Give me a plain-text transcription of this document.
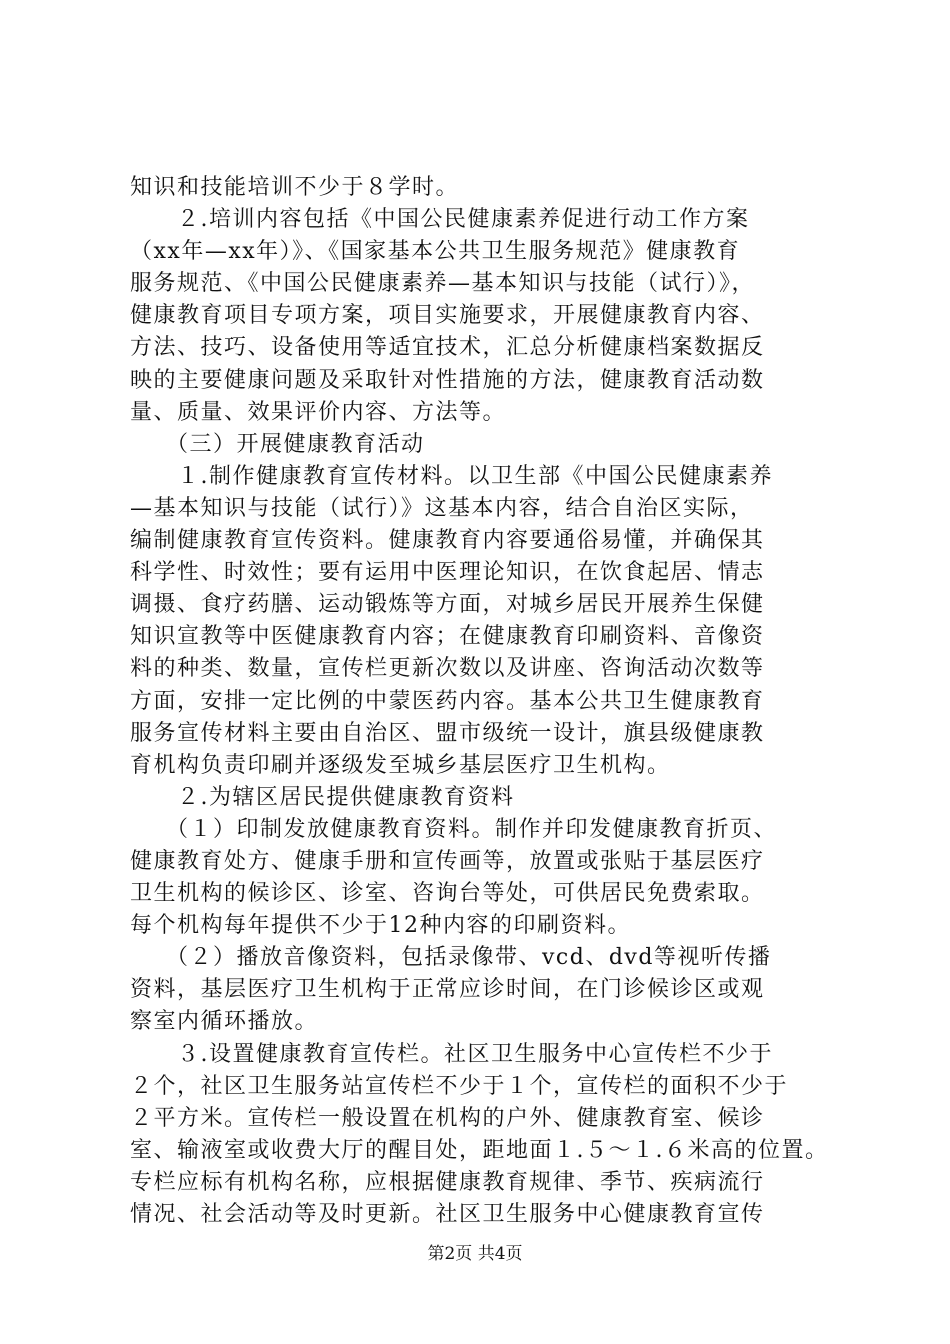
知识和技能培训不少于８学时。
　　２.培训内容包括《中国公民健康素养促进行动工作方案
（xx年—xx年）》、《国家基本公共卫生服务规范》健康教育
服务规范、《中国公民健康素养—基本知识与技能（试行）》，
健康教育项目专项方案，项目实施要求，开展健康教育内容、
方法、技巧、设备使用等适宜技术，汇总分析健康档案数据反
映的主要健康问题及采取针对性措施的方法，健康教育活动数
量、质量、效果评价内容、方法等。
　　（三）开展健康教育活动
　　１.制作健康教育宣传材料。以卫生部《中国公民健康素养
—基本知识与技能（试行）》这基本内容，结合自治区实际，
编制健康教育宣传资料。健康教育内容要通俗易懂，并确保其
科学性、时效性；要有运用中医理论知识，在饮食起居、情志
调摄、食疗药膳、运动锻炼等方面，对城乡居民开展养生保健
知识宣教等中医健康教育内容；在健康教育印刷资料、音像资
料的种类、数量，宣传栏更新次数以及讲座、咨询活动次数等
方面，安排一定比例的中蒙医药内容。基本公共卫生健康教育
服务宣传材料主要由自治区、盟市级统一设计，旗县级健康教
育机构负责印刷并逐级发至城乡基层医疗卫生机构。
　　２.为辖区居民提供健康教育资料
　　（１）印制发放健康教育资料。制作并印发健康教育折页、
健康教育处方、健康手册和宣传画等，放置或张贴于基层医疗
卫生机构的候诊区、诊室、咨询台等处，可供居民免费索取。
每个机构每年提供不少于12种内容的印刷资料。
　　（２）播放音像资料，包括录像带、vcd、dvd等视听传播
资料，基层医疗卫生机构于正常应诊时间，在门诊候诊区或观
察室内循环播放。
　　３.设置健康教育宣传栏。社区卫生服务中心宣传栏不少于
２个，社区卫生服务站宣传栏不少于１个，宣传栏的面积不少于
２平方米。宣传栏一般设置在机构的户外、健康教育室、候诊
室、输液室或收费大厅的醒目处，距地面１.５～１.６米高的位置。
专栏应标有机构名称，应根据健康教育规律、季节、疾病流行
情况、社会活动等及时更新。社区卫生服务中心健康教育宣传
第2页 共4页
